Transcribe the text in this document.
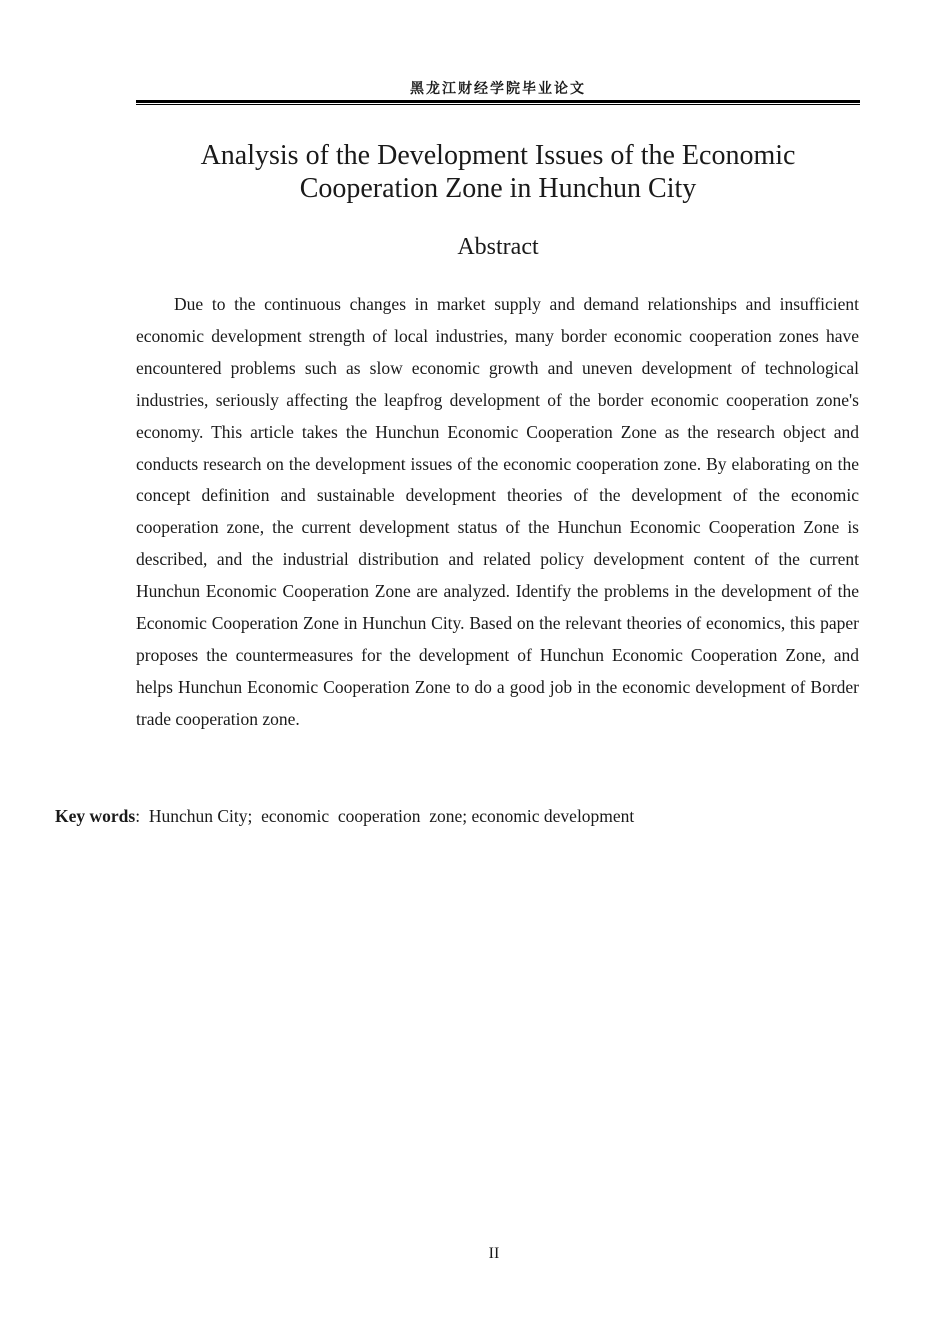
黑龙江财经学院毕业论文
Analysis of the Development Issues of the Economic Cooperation Zone in Hunchun City
Abstract

Due to the continuous changes in market supply and demand relationships and insufficient economic development strength of local industries, many border economic cooperation zones have encountered problems such as slow economic growth and uneven development of technological industries, seriously affecting the leapfrog development of the border economic cooperation zone's economy. This article takes the Hunchun Economic Cooperation Zone as the research object and conducts research on the development issues of the economic cooperation zone. By elaborating on the concept definition and sustainable development theories of the development of the economic cooperation zone, the current development status of the Hunchun Economic Cooperation Zone is described, and the industrial distribution and related policy development content of the current Hunchun Economic Cooperation Zone are analyzed. Identify the problems in the development of the Economic Cooperation Zone in Hunchun City. Based on the relevant theories of economics, this paper proposes the countermeasures for the development of Hunchun Economic Cooperation Zone, and helps Hunchun Economic Cooperation Zone to do a good job in the economic development of Border trade cooperation zone.

Key words:  Hunchun City;  economic  cooperation  zone; economic development

II
